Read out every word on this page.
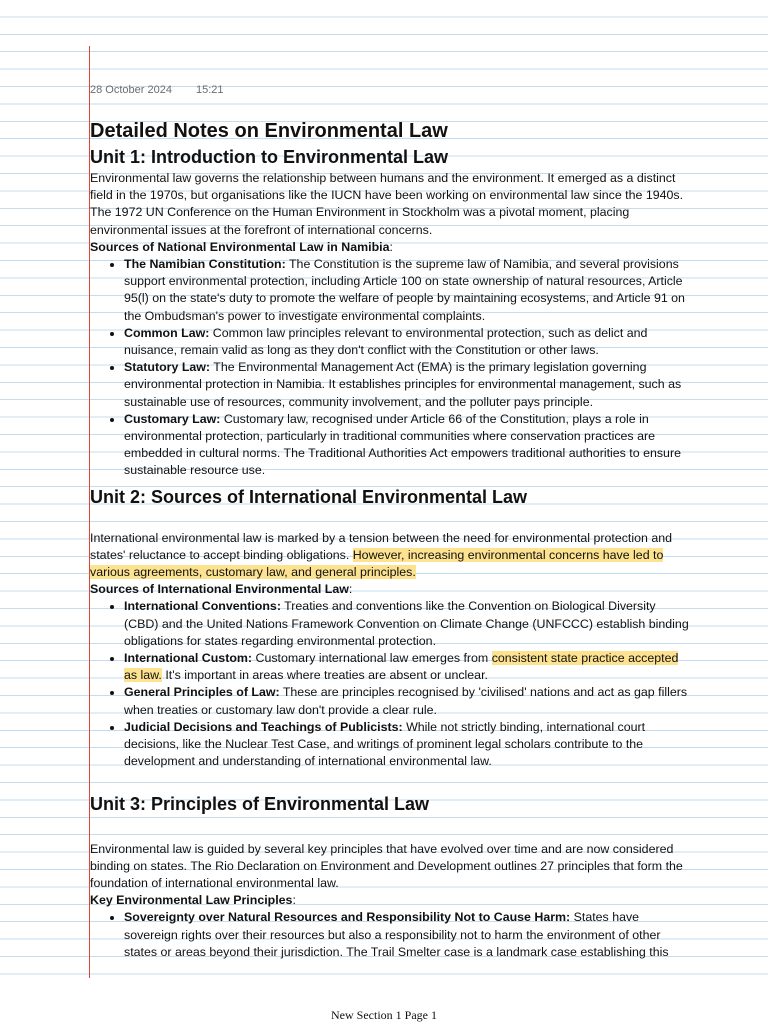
28 October 2024 15:21
Detailed Notes on Environmental Law
Unit 1: Introduction to Environmental Law

Environmental law governs the relationship between humans and the environment. It emerged as a distinct field in the 1970s, but organisations like the IUCN have been working on environmental law since the 1940s. The 1972 UN Conference on the Human Environment in Stockholm was a pivotal moment, placing environmental issues at the forefront of international concerns.

Sources of National Environmental Law in Namibia:
• The Namibian Constitution: The Constitution is the supreme law of Namibia, and several provisions support environmental protection, including Article 100 on state ownership of natural resources, Article 95(l) on the state's duty to promote the welfare of people by maintaining ecosystems, and Article 91 on the Ombudsman's power to investigate environmental complaints.
• Common Law: Common law principles relevant to environmental protection, such as delict and nuisance, remain valid as long as they don't conflict with the Constitution or other laws.
• Statutory Law: The Environmental Management Act (EMA) is the primary legislation governing environmental protection in Namibia. It establishes principles for environmental management, such as sustainable use of resources, community involvement, and the polluter pays principle.
• Customary Law: Customary law, recognised under Article 66 of the Constitution, plays a role in environmental protection, particularly in traditional communities where conservation practices are embedded in cultural norms. The Traditional Authorities Act empowers traditional authorities to ensure sustainable resource use.
Unit 2: Sources of International Environmental Law

International environmental law is marked by a tension between the need for environmental protection and states' reluctance to accept binding obligations. However, increasing environmental concerns have led to various agreements, customary law, and general principles.

Sources of International Environmental Law:
• International Conventions: Treaties and conventions like the Convention on Biological Diversity (CBD) and the United Nations Framework Convention on Climate Change (UNFCCC) establish binding obligations for states regarding environmental protection.
• International Custom: Customary international law emerges from consistent state practice accepted as law. It's important in areas where treaties are absent or unclear.
• General Principles of Law: These are principles recognised by 'civilised' nations and act as gap fillers when treaties or customary law don't provide a clear rule.
• Judicial Decisions and Teachings of Publicists: While not strictly binding, international court decisions, like the Nuclear Test Case, and writings of prominent legal scholars contribute to the development and understanding of international environmental law.
Unit 3: Principles of Environmental Law

Environmental law is guided by several key principles that have evolved over time and are now considered binding on states. The Rio Declaration on Environment and Development outlines 27 principles that form the foundation of international environmental law.

Key Environmental Law Principles:
• Sovereignty over Natural Resources and Responsibility Not to Cause Harm: States have sovereign rights over their resources but also a responsibility not to harm the environment of other states or areas beyond their jurisdiction. The Trail Smelter case is a landmark case establishing this
New Section 1 Page 1
